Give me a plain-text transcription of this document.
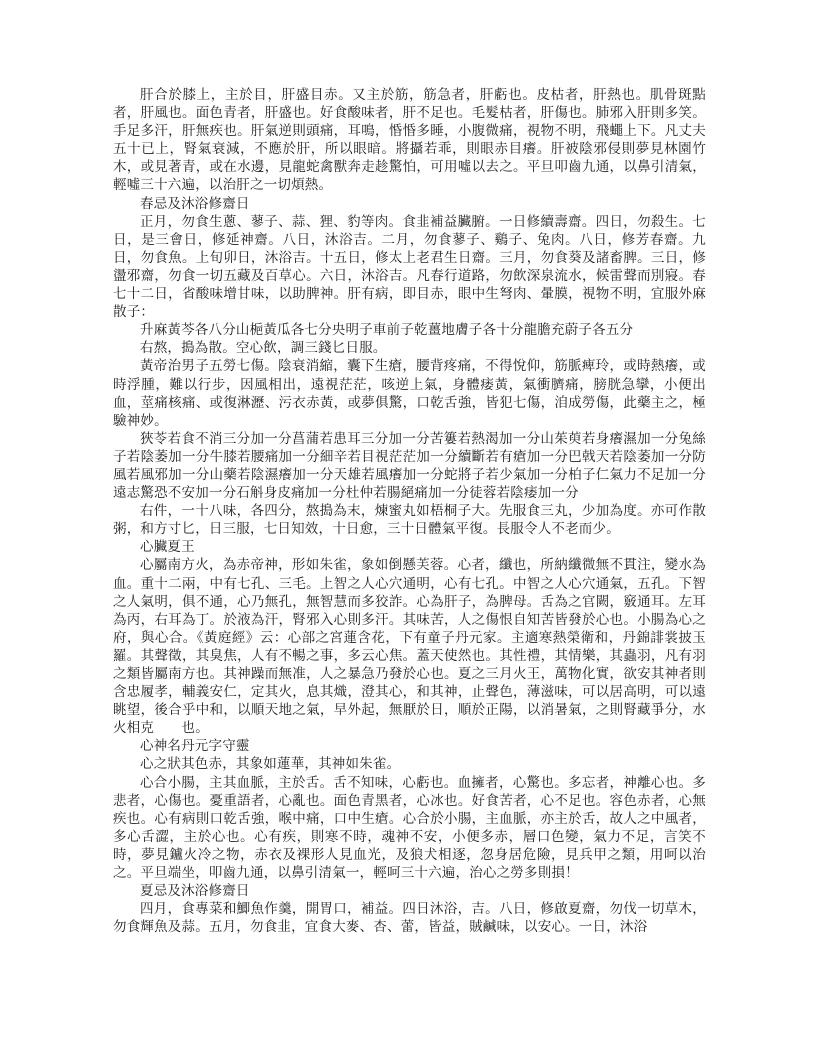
肝合於膝上，主於目，肝盛目赤。又主於筋，筋急者，肝虧也。皮枯者，肝熱也。肌骨斑點者，肝風也。面色青者，肝盛也。好食酸味者，肝不足也。毛髮枯者，肝傷也。肺邪入肝則多笑。手足多汗，肝無疾也。肝氣逆則頭痛，耳鳴，惛惛多睡，小腹微痛，視物不明，飛蠅上下。凡丈夫五十已上，腎氣衰減，不應於肝，所以眼暗。將攝若乖，則眼赤目癢。肝被陰邪侵則夢見林園竹木，或見著青，或在水邊，見龍蛇禽獸奔走趁驚怕，可用噓以去之。平旦叩齒九通，以鼻引清氣，輕噓三十六遍，以治肝之一切煩熱。

春忌及沐浴修齋日

正月，勿食生蔥、蓼子、蒜、狸、豹等肉。食韭補益臟腑。一日修續壽齋。四日，勿殺生。七日，是三會日，修延神齋。八日，沐浴吉。二月，勿食蓼子、鷄子、兔肉。八日，修芳春齋。九日，勿食魚。上旬卯日，沐浴吉。十五日，修太上老君生日齋。三月，勿食葵及諸畜脾。三日，修盪邪齋，勿食一切五藏及百草心。六日，沐浴吉。凡春行道路，勿飲深泉流水，候雷聲而別寢。春七十二日，省酸味增甘味，以助脾神。肝有病，即目赤，眼中生弩肉、暈膜，視物不明，宜服外麻散子：

升麻黃芩各八分山梔黃瓜各七分央明子車前子乾薑地膚子各十分龍膽充蔚子各五分

右熬，搗為散。空心飲，調三錢匕日服。

黃帝治男子五勞七傷。陰衰消縮，囊下生瘡，腰背疼痛，不得悅仰，筋脈痺玲，或時熱癢，或時浮腫，難以行步，因風相出，遠視茫茫，咳逆上氣，身體痿黃，氣衝臍痛，膀胱急攣，小便出血，莖痛核痛、或復淋瀝、污衣赤黃，或夢俱驚，口乾舌強，皆犯七傷，洎成勞傷，此藥主之，極驗神妙。

狹苓若食不消三分加一分菖蒲若患耳三分加一分苦簍若熱渴加一分山茱萸若身癢濕加一分兔絲子若陰萎加一分牛膝若腰痛加一分細辛若目視茫茫加一分續斷若有瘡加一分巴戟天若陰萎加一分防風若風邪加一分山藥若陰濕癢加一分天雄若風癢加一分蛇將子若少氣加一分柏子仁氣力不足加一分遠志驚恐不安加一分石斛身皮痛加一分杜仲若腸絕痛加一分徒蓉若陰痿加一分

右件，一十八味，各四分，熬搗為末，煉蜜丸如梧桐子大。先服食三丸，少加為度。亦可作散粥，和方寸匕，日三服，七日知效，十日愈，三十日體氣平復。長服令人不老而少。

心臟夏王

心屬南方火，為赤帝神，形如朱雀，象如倒懸芙蓉。心者，纖也，所納纖微無不貫注，變水為血。重十二兩，中有七孔、三毛。上智之人心穴通明，心有七孔。中智之人心穴通氣，五孔。下智之人氣明，俱不通，心乃無孔，無智慧而多狡詐。心為肝子，為脾母。舌為之官闕，竅通耳。左耳為丙，右耳為丁。於液為汗，腎邪入心則多汗。其味苦，人之傷恨自知苦皆發於心也。小腸為心之府，與心合。《黃庭經》云：心部之宮蓮含花，下有童子丹元家。主適寒熱榮衛和，丹錦誹裳披玉羅。其聲徵，其臭焦，人有不暢之事，多云心焦。蓋天使然也。其性禮，其情樂，其蟲羽，凡有羽之類皆屬南方也。其神躁而無准，人之暴急乃發於心也。夏之三月火王，萬物化實，欲安其神者則含忠履孝，輔義安仁，定其火，息其熾，澄其心，和其神，止聲色，薄滋味，可以居高明，可以遠眺望，後合乎中和，以順天地之氣，早外起，無厭於日，順於正陽，以消暑氣，之則腎藏爭分，水火相克　　也。

心神名丹元字守靈

心之狀其色赤，其象如蓮華，其神如朱雀。

心合小腸，主其血脈，主於舌。舌不知味，心虧也。血擁者，心驚也。多忘者，神離心也。多悲者，心傷也。憂重語者，心亂也。面色青黑者，心冰也。好食苦者，心不足也。容色赤者，心無疾也。心有病則口乾舌強，喉中痛，口中生瘡。心合於小腸，主血脈，亦主於舌，故人之中風者，多心舌澀，主於心也。心有疾，則寒不時，魂神不安，小便多赤，層口色變，氣力不足，言笑不時，夢見鑪火冷之物，赤衣及裸形人見血光，及狼犬相逐，忽身居危險，見兵甲之類，用呵以治之。平旦端坐，叩齒九通，以鼻引清氣一，輕呵三十六遍，治心之勞多則損！

夏忌及沐浴修齋日

四月，食專菜和鯽魚作羹，開胃口，補益。四日沐浴，吉。八日，修啟夏齋，勿伐一切草木，勿食輝魚及蒜。五月，勿食韭，宜食大麥、杏、蕾，皆益，賊鹹味，以安心。一日，沐浴
